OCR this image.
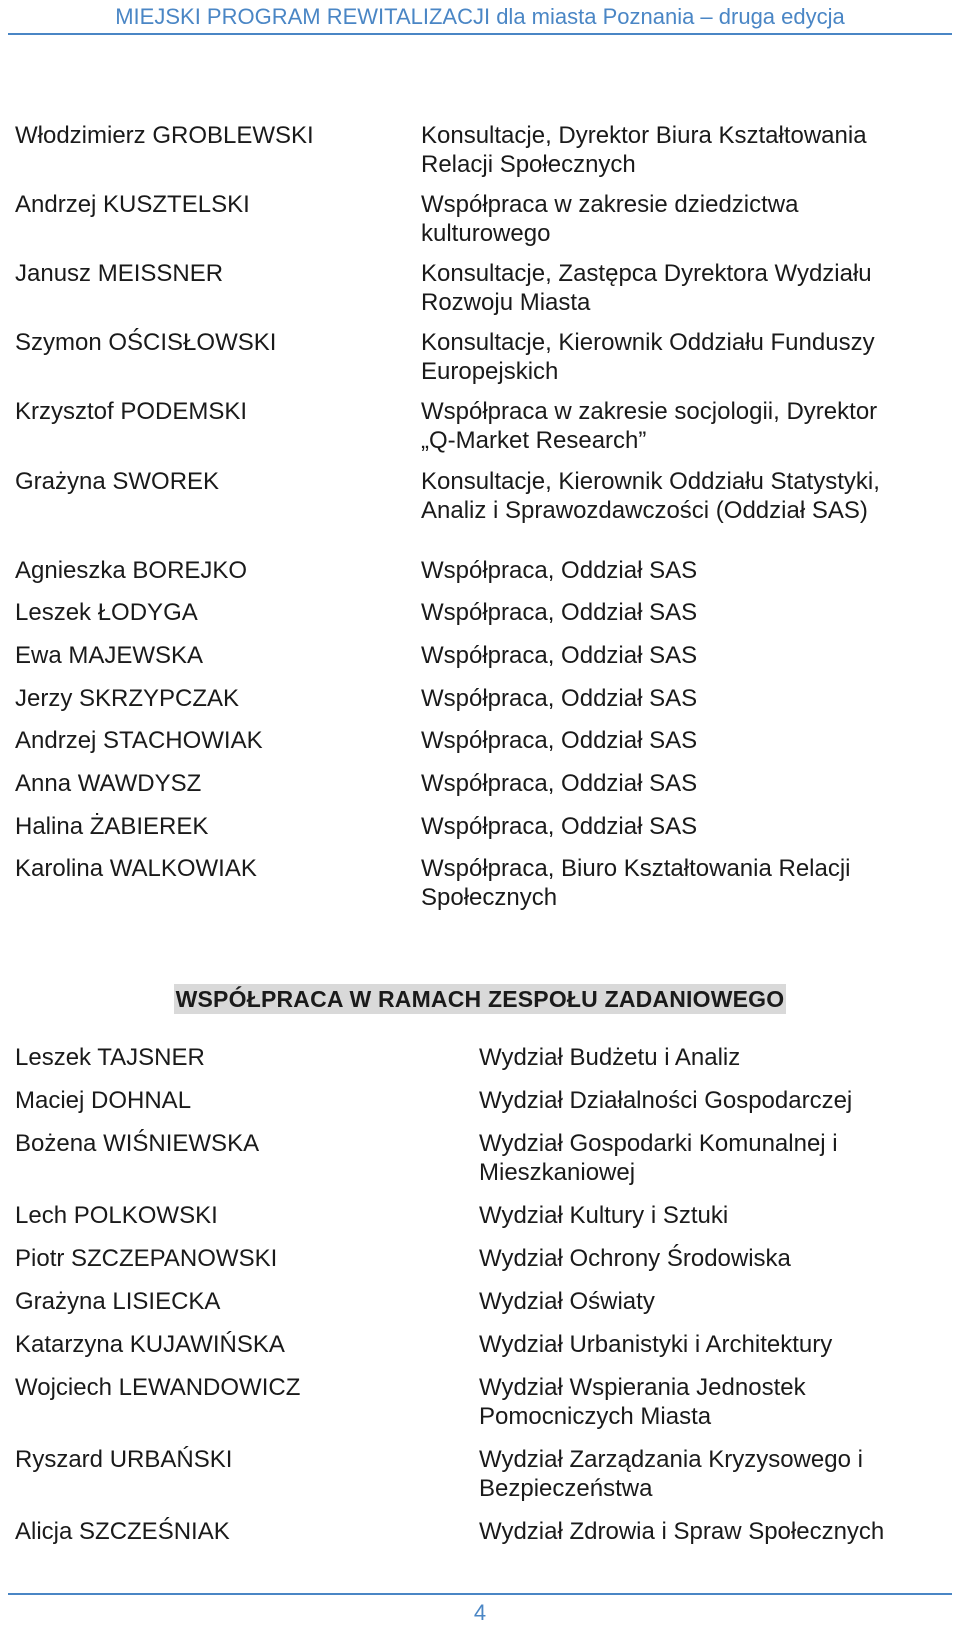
MIEJSKI PROGRAM REWITALIZACJI dla miasta Poznania – druga edycja
Włodzimierz GROBLEWSKI	Konsultacje, Dyrektor Biura Kształtowania Relacji Społecznych
Andrzej KUSZTELSKI	Współpraca w zakresie dziedzictwa kulturowego
Janusz MEISSNER	Konsultacje, Zastępca Dyrektora Wydziału Rozwoju Miasta
Szymon OŚCISŁOWSKI	Konsultacje, Kierownik Oddziału Funduszy Europejskich
Krzysztof PODEMSKI	Współpraca w zakresie socjologii, Dyrektor „Q-Market Research”
Grażyna SWOREK	Konsultacje, Kierownik Oddziału Statystyki, Analiz i Sprawozdawczości (Oddział SAS)
Agnieszka BOREJKO	Współpraca, Oddział SAS
Leszek ŁODYGA	Współpraca, Oddział SAS
Ewa MAJEWSKA	Współpraca, Oddział SAS
Jerzy SKRZYPCZAK	Współpraca, Oddział SAS
Andrzej STACHOWIAK	Współpraca, Oddział SAS
Anna WAWDYSZ	Współpraca, Oddział SAS
Halina ŻABIEREK	Współpraca, Oddział SAS
Karolina WALKOWIAK	Współpraca, Biuro Kształtowania Relacji Społecznych
WSPÓŁPRACA W RAMACH ZESPOŁU ZADANIOWEGO
Leszek TAJSNER	Wydział Budżetu i Analiz
Maciej DOHNAL	Wydział Działalności Gospodarczej
Bożena WIŚNIEWSKA	Wydział Gospodarki Komunalnej i Mieszkaniowej
Lech POLKOWSKI	Wydział Kultury i Sztuki
Piotr SZCZEPANOWSKI	Wydział Ochrony Środowiska
Grażyna LISIECKA	Wydział Oświaty
Katarzyna KUJAWIŃSKA	Wydział Urbanistyki i Architektury
Wojciech LEWANDOWICZ	Wydział Wspierania Jednostek Pomocniczych Miasta
Ryszard URBAŃSKI	Wydział Zarządzania Kryzysowego i Bezpieczeństwa
Alicja SZCZEŚNIAK	Wydział Zdrowia i Spraw Społecznych
4
